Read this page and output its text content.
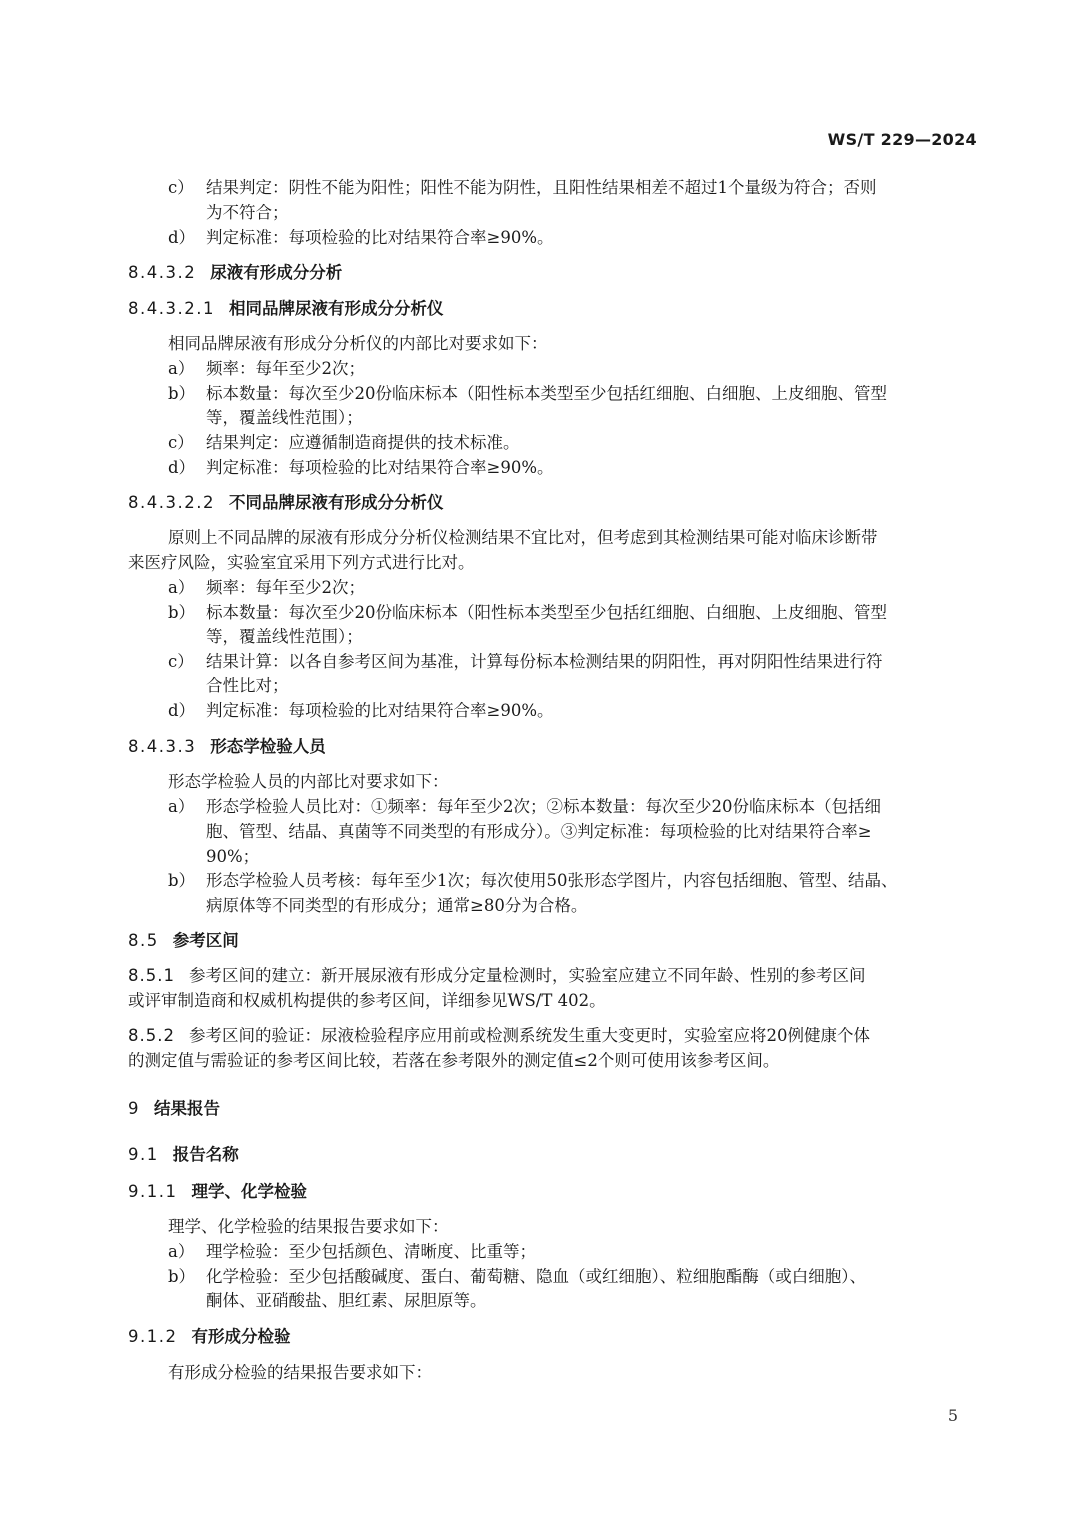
WS/T 229—2024
c） 结果判定：阴性不能为阳性；阳性不能为阴性，且阳性结果相差不超过1个量级为符合；否则
为不符合；
d） 判定标准：每项检验的比对结果符合率≥90%。
8.4.3.2 尿液有形成分分析
8.4.3.2.1 相同品牌尿液有形成分分析仪
相同品牌尿液有形成分分析仪的内部比对要求如下：
a） 频率：每年至少2次；
b） 标本数量：每次至少20份临床标本（阳性标本类型至少包括红细胞、白细胞、上皮细胞、管型
等，覆盖线性范围）；
c） 结果判定：应遵循制造商提供的技术标准。
d） 判定标准：每项检验的比对结果符合率≥90%。
8.4.3.2.2 不同品牌尿液有形成分分析仪
原则上不同品牌的尿液有形成分分析仪检测结果不宜比对，但考虑到其检测结果可能对临床诊断带
来医疗风险，实验室宜采用下列方式进行比对。
a） 频率：每年至少2次；
b） 标本数量：每次至少20份临床标本（阳性标本类型至少包括红细胞、白细胞、上皮细胞、管型
等，覆盖线性范围）；
c） 结果计算：以各自参考区间为基准，计算每份标本检测结果的阴阳性，再对阴阳性结果进行符
合性比对；
d） 判定标准：每项检验的比对结果符合率≥90%。
8.4.3.3 形态学检验人员
形态学检验人员的内部比对要求如下：
a） 形态学检验人员比对：①频率：每年至少2次；②标本数量：每次至少20份临床标本（包括细
胞、管型、结晶、真菌等不同类型的有形成分）。③判定标准：每项检验的比对结果符合率≥
90%；
b） 形态学检验人员考核：每年至少1次；每次使用50张形态学图片，内容包括细胞、管型、结晶、
病原体等不同类型的有形成分；通常≥80分为合格。
8.5 参考区间
8.5.1 参考区间的建立：新开展尿液有形成分定量检测时，实验室应建立不同年龄、性别的参考区间
或评审制造商和权威机构提供的参考区间，详细参见WS/T 402。
8.5.2 参考区间的验证：尿液检验程序应用前或检测系统发生重大变更时，实验室应将20例健康个体
的测定值与需验证的参考区间比较，若落在参考限外的测定值≤2个则可使用该参考区间。
9 结果报告
9.1 报告名称
9.1.1 理学、化学检验
理学、化学检验的结果报告要求如下：
a） 理学检验：至少包括颜色、清晰度、比重等；
b） 化学检验：至少包括酸碱度、蛋白、葡萄糖、隐血（或红细胞）、粒细胞酯酶（或白细胞）、
酮体、亚硝酸盐、胆红素、尿胆原等。
9.1.2 有形成分检验
有形成分检验的结果报告要求如下：
5
